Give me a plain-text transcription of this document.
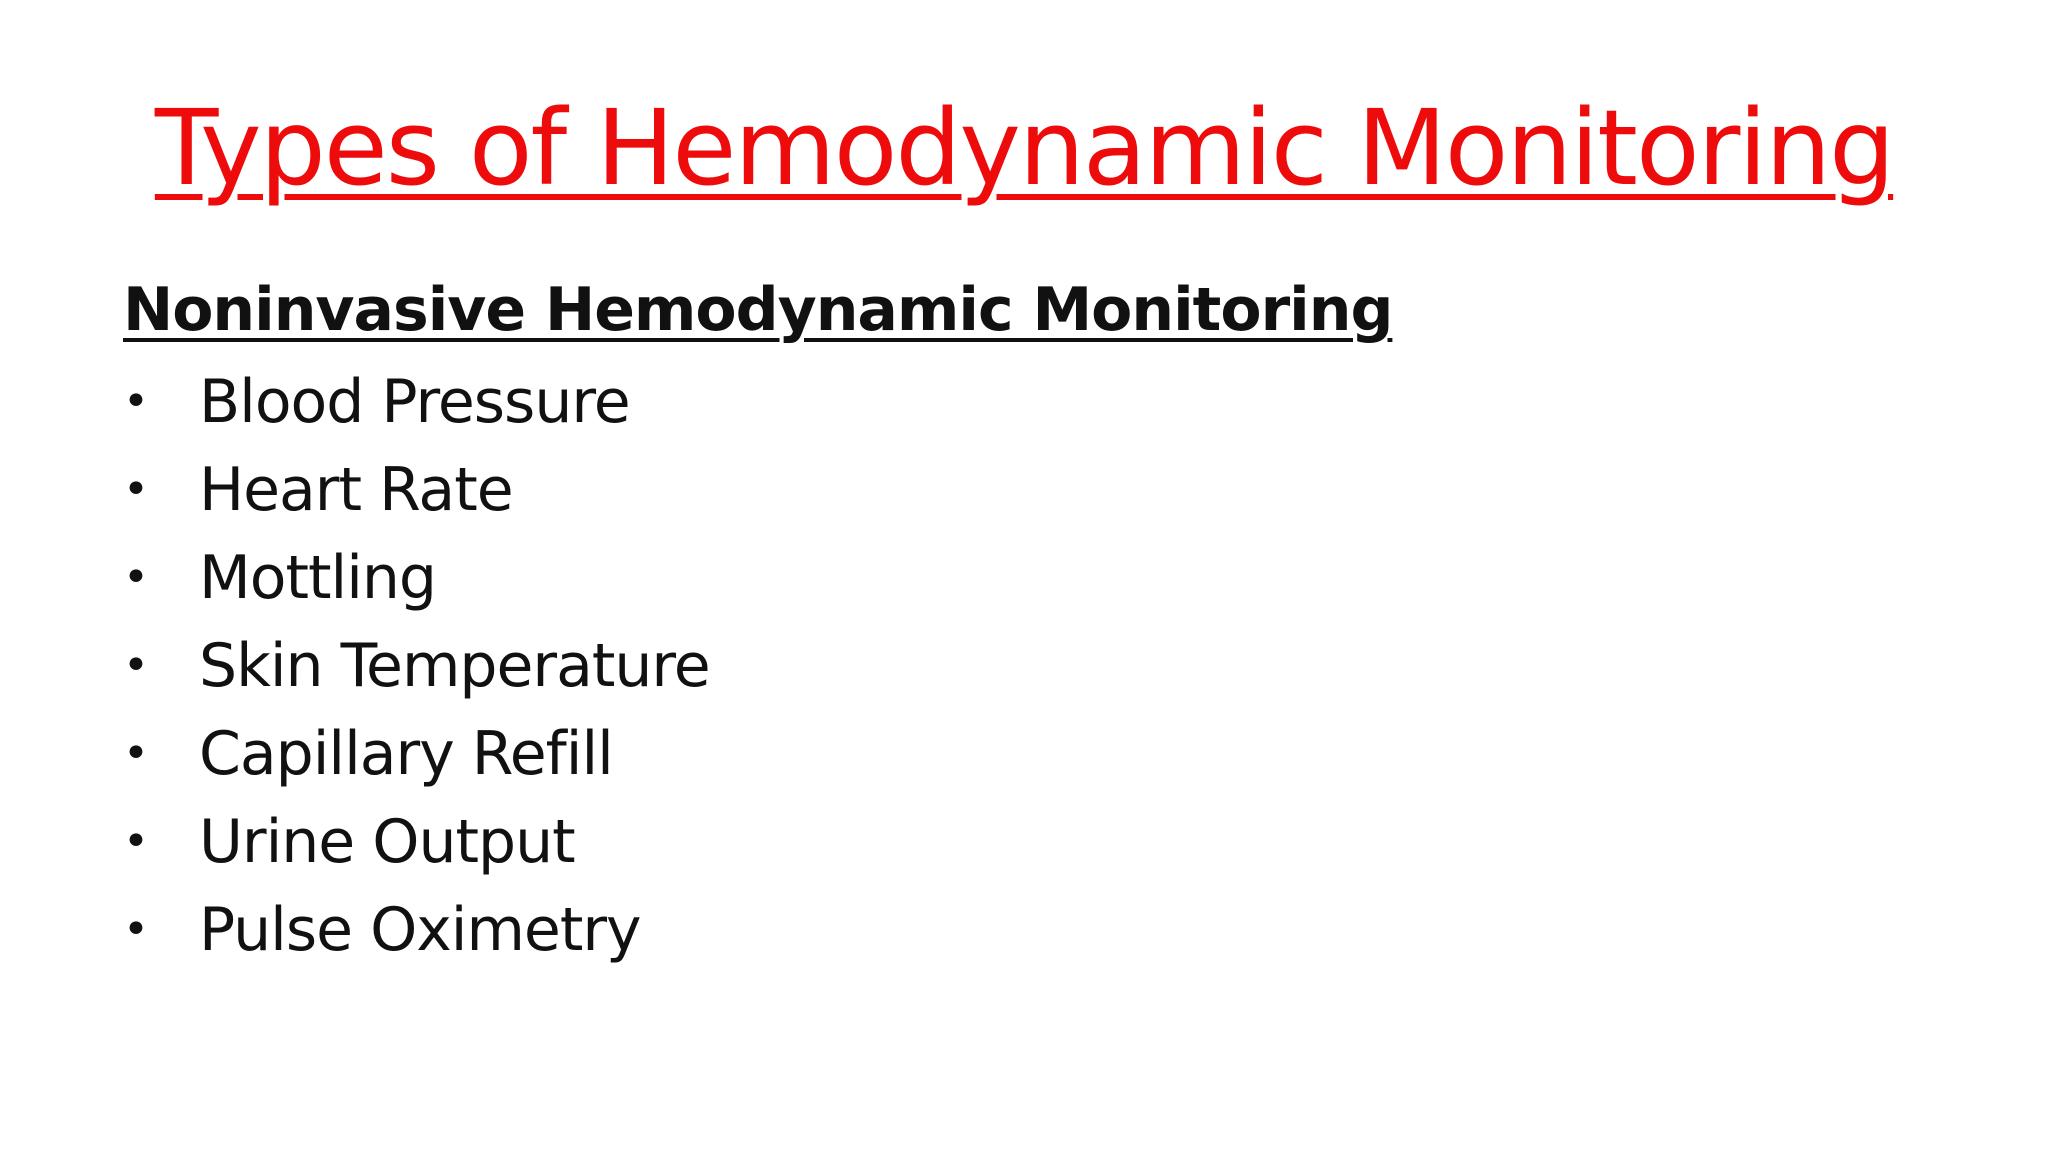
Types of Hemodynamic Monitoring
Noninvasive Hemodynamic Monitoring
• Blood Pressure
• Heart Rate
• Mottling
• Skin Temperature
• Capillary Refill
• Urine Output
• Pulse Oximetry
